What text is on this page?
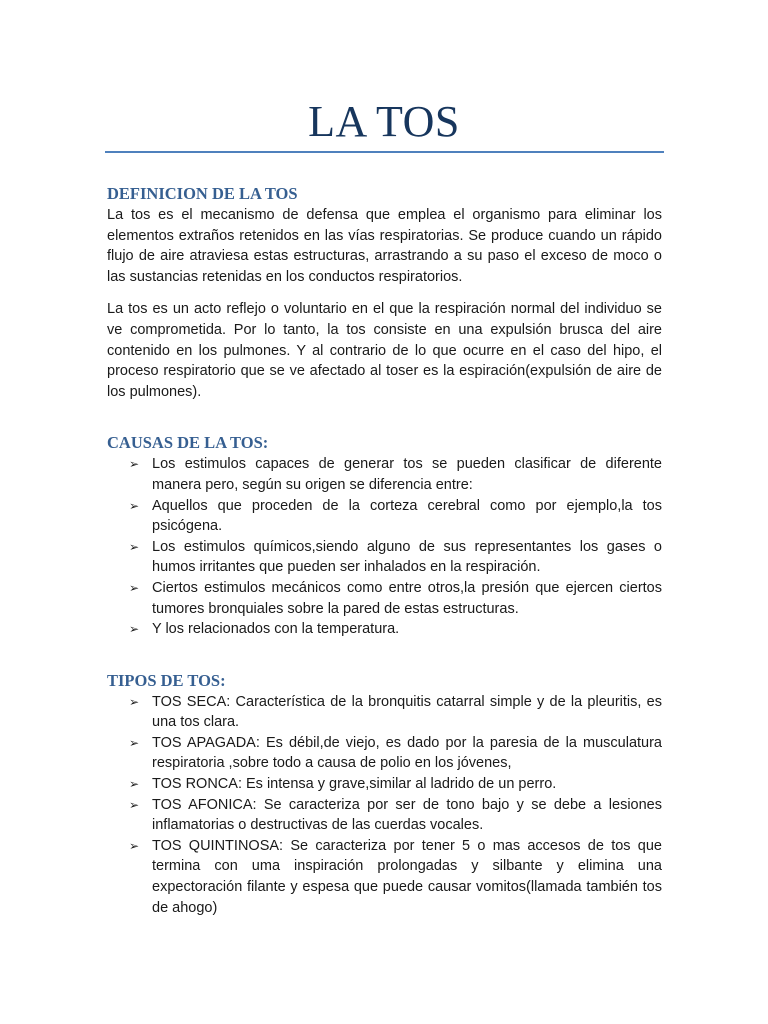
LA TOS
DEFINICION DE LA TOS

La tos es el mecanismo de defensa que emplea el organismo para eliminar los elementos extraños retenidos en las vías respiratorias. Se produce cuando un rápido flujo de aire atraviesa estas estructuras, arrastrando a su paso el exceso de moco o las sustancias retenidas en los conductos respiratorios.

La tos es un acto reflejo o voluntario en el que la respiración normal del individuo se ve comprometida. Por lo tanto, la tos consiste en una expulsión brusca del aire contenido en los pulmones. Y al contrario de lo que ocurre en el caso del hipo, el proceso respiratorio que se ve afectado al toser es la espiración(expulsión de aire de los pulmones).

CAUSAS DE LA TOS:
➢ Los estimulos capaces de generar tos se pueden clasificar de diferente manera pero, según su origen se diferencia entre:
➢ Aquellos que proceden de la corteza cerebral como por ejemplo,la tos psicógena.
➢ Los estimulos químicos,siendo alguno de sus representantes los gases o humos irritantes que pueden ser inhalados en la respiración.
➢ Ciertos estimulos mecánicos como entre otros,la presión que ejercen ciertos tumores bronquiales sobre la pared de estas estructuras.
➢ Y los relacionados con la temperatura.
TIPOS DE TOS:
➢ TOS SECA: Característica de la bronquitis catarral simple y de la pleuritis, es una tos clara.
➢ TOS APAGADA: Es débil,de viejo, es dado por la paresia de la musculatura respiratoria ,sobre todo a causa de polio en los jóvenes,
➢ TOS RONCA: Es intensa y grave,similar al ladrido de un perro.
➢ TOS AFONICA: Se caracteriza por ser de tono bajo y se debe a lesiones inflamatorias o destructivas de las cuerdas vocales.
➢ TOS QUINTINOSA: Se caracteriza por tener 5 o mas accesos de tos que termina con uma inspiración prolongadas y silbante y elimina una expectoración filante y espesa que puede causar vomitos(llamada también tos de ahogo)
